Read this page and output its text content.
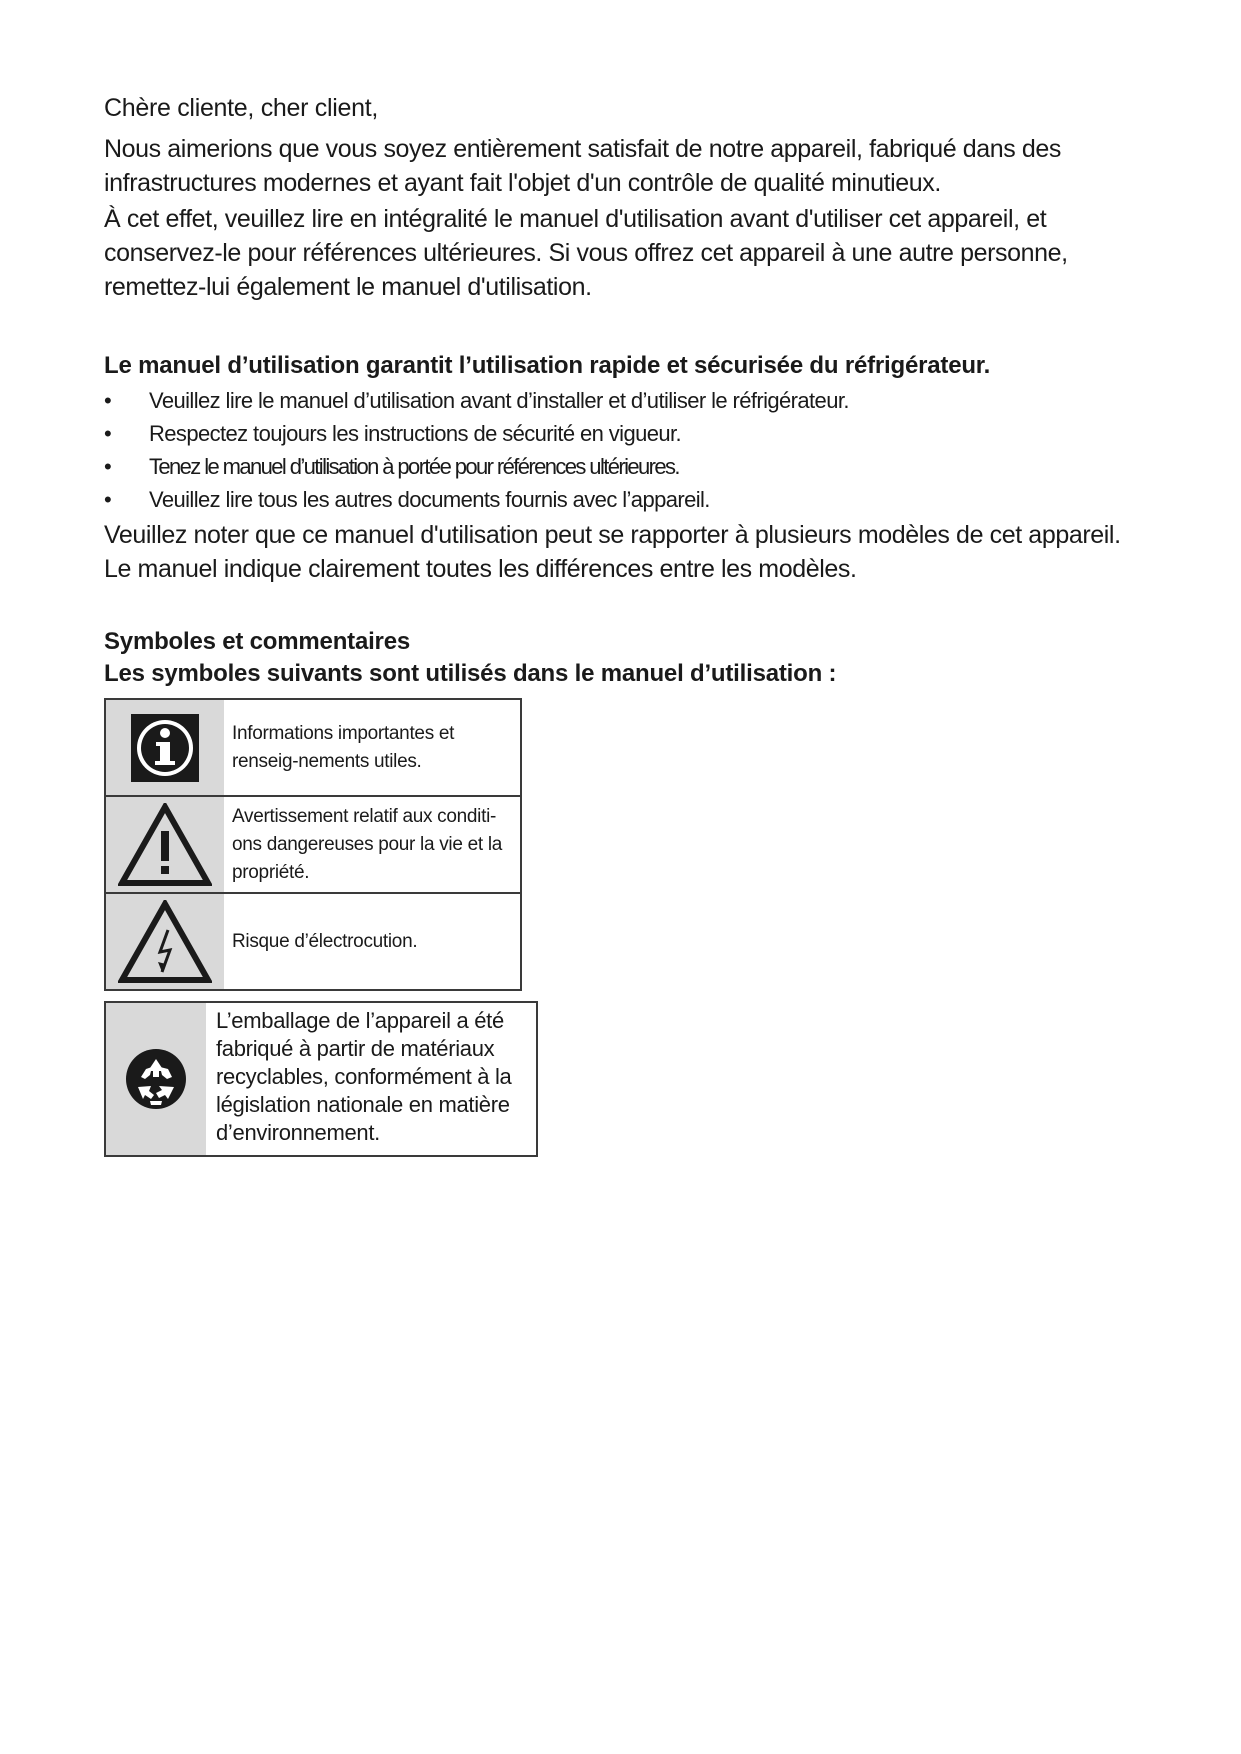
Chère cliente, cher client,

Nous aimerions que vous soyez entièrement satisfait de notre appareil, fabriqué dans des infrastructures modernes et ayant fait l'objet d'un contrôle de qualité minutieux.

À cet effet, veuillez lire en intégralité le manuel d'utilisation avant d'utiliser cet appareil, et conservez-le pour références ultérieures. Si vous offrez cet appareil à une autre personne, remettez-lui également le manuel d'utilisation.

Le manuel d’utilisation garantit l’utilisation rapide et sécurisée du réfrigérateur.

• Veuillez lire le manuel d’utilisation avant d’installer et d’utiliser le réfrigérateur.
• Respectez toujours les instructions de sécurité en vigueur.
• Tenez le manuel d’utilisation à portée pour références ultérieures.
• Veuillez lire tous les autres documents fournis avec l’appareil.

Veuillez noter que ce manuel d'utilisation peut se rapporter à plusieurs modèles de cet appareil. Le manuel indique clairement toutes les différences entre les modèles.

Symboles et commentaires

Les symboles suivants sont utilisés dans le manuel d’utilisation :

Informations importantes et renseig-nements utiles.
Avertissement relatif aux conditi-ons dangereuses pour la vie et la propriété.
Risque d’électrocution.
L’emballage de l’appareil a été fabriqué à partir de matériaux recyclables, conformément à la législation nationale en matière d’environnement.
